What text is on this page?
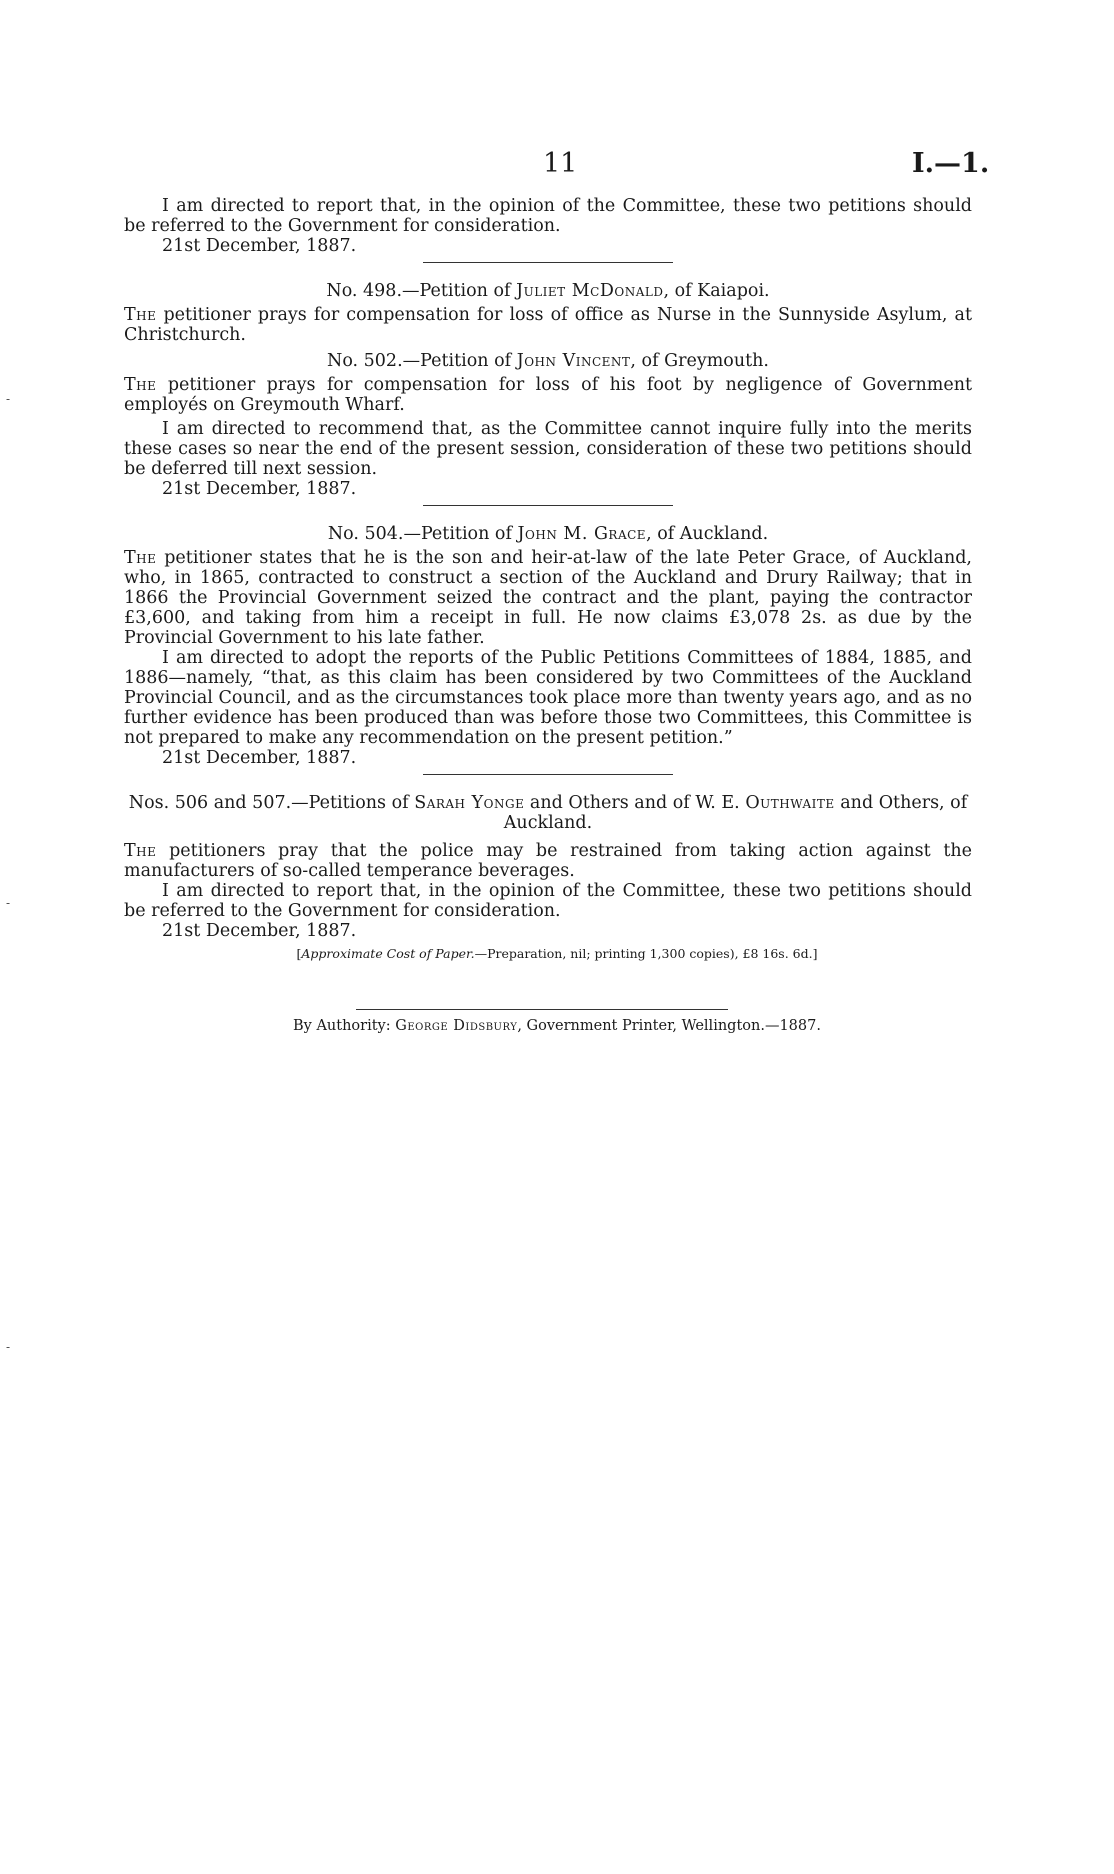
11	I.—1.

I am directed to report that, in the opinion of the Committee, these two petitions should be referred to the Government for consideration.

21st December, 1887.

No. 498.—Petition of Juliet McDonald, of Kaiapoi.

The petitioner prays for compensation for loss of office as Nurse in the Sunnyside Asylum, at Christchurch.

No. 502.—Petition of John Vincent, of Greymouth.

The petitioner prays for compensation for loss of his foot by negligence of Government employés on Greymouth Wharf.

I am directed to recommend that, as the Committee cannot inquire fully into the merits these cases so near the end of the present session, consideration of these two petitions should be deferred till next session.

21st December, 1887.

No. 504.—Petition of John M. Grace, of Auckland.

The petitioner states that he is the son and heir-at-law of the late Peter Grace, of Auckland, who, in 1865, contracted to construct a section of the Auckland and Drury Railway; that in 1866 the Provincial Government seized the contract and the plant, paying the contractor £3,600, and taking from him a receipt in full. He now claims £3,078 2s. as due by the Provincial Government to his late father.

I am directed to adopt the reports of the Public Petitions Committees of 1884, 1885, and 1886—namely, “that, as this claim has been considered by two Committees of the Auckland Provincial Council, and as the circumstances took place more than twenty years ago, and as no further evidence has been produced than was before those two Committees, this Committee is not prepared to make any recommendation on the present petition.”

21st December, 1887.

Nos. 506 and 507.—Petitions of Sarah Yonge and Others and of W. E. Outhwaite and Others, of Auckland.

The petitioners pray that the police may be restrained from taking action against the manufacturers of so-called temperance beverages.

I am directed to report that, in the opinion of the Committee, these two petitions should be referred to the Government for consideration.

21st December, 1887.

[Approximate Cost of Paper.—Preparation, nil; printing 1,300 copies), £8 16s. 6d.]
By Authority: George Didsbury, Government Printer, Wellington.—1887.
-
-
-
